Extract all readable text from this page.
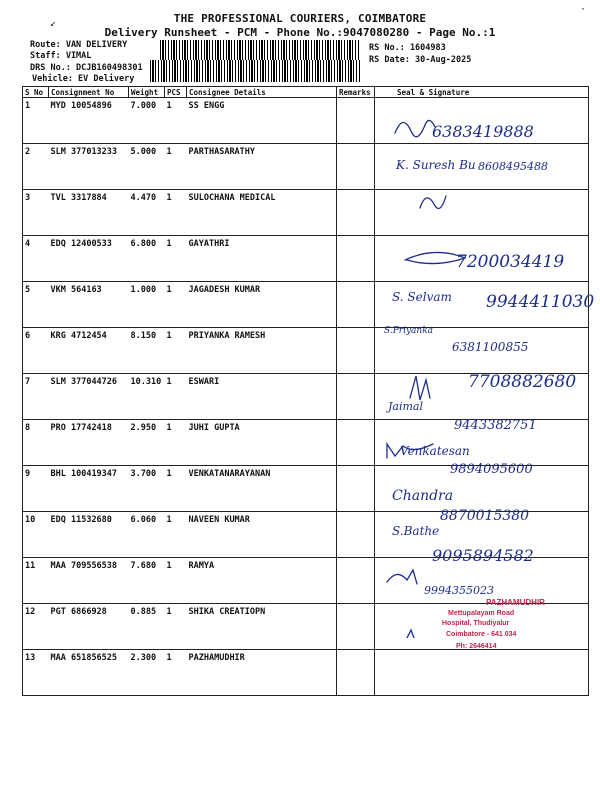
THE PROFESSIONAL COURIERS, COIMBATORE
Delivery Runsheet - PCM - Phone No.:9047080280 - Page No.:1
Route: VAN DELIVERY
Staff: VIMAL
DRS No.: DCJB160498301
Vehicle: EV Delivery
RS No.: 1604983
RS Date: 30-Aug-2025
↙
·
S No	Consignment No	Weight	PCS	Consignee Details	Remarks	Seal & Signature
1	MYD 10054896	7.000	1	SS ENGG		
2	SLM 377013233	5.000	1	PARTHASARATHY		
3	TVL 3317884	4.470	1	SULOCHANA MEDICAL		
4	EDQ 12400533	6.800	1	GAYATHRI		
5	VKM 564163	1.000	1	JAGADESH KUMAR		
6	KRG 4712454	8.150	1	PRIYANKA RAMESH		
7	SLM 377044726	10.310	1	ESWARI		
8	PRO 17742418	2.950	1	JUHI GUPTA		
9	BHL 100419347	3.700	1	VENKATANARAYANAN		
10	EDQ 11532680	6.060	1	NAVEEN KUMAR		
11	MAA 709556538	7.680	1	RAMYA		
12	PGT 6866928	0.885	1	SHIKA CREATIOPN		
13	MAA 651856525	2.300	1	PAZHAMUDHIR		
6383419888
K. Suresh Bu 8608495488
7200034419
S. Selvam 9944411030
S.Priyanka
6381100855
7708882680
Jaimal
9443382751
Venkatesan
9894095600
Chandra
8870015380
S.Bathe
9095894582
9994355023
PAZHAMUDHIR
Mettupalayam Road
Hospital, Thudiyalur
Coimbatore - 641 034
Ph: 2646414
